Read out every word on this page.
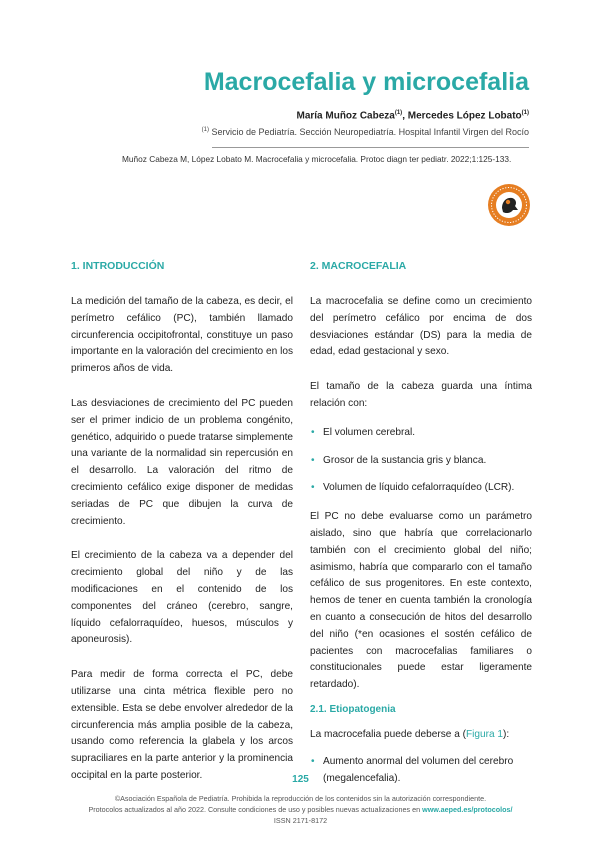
Macrocefalia y microcefalia
María Muñoz Cabeza$^{(1)}$, Mercedes López Lobato$^{(1)}$
$^{(1)}$ Servicio de Pediatría. Sección Neuropediatría. Hospital Infantil Virgen del Rocío
Muñoz Cabeza M, López Lobato M. Macrocefalia y microcefalia. Protoc diagn ter pediatr. 2022;1:125-133.
1. INTRODUCCIÓN

La medición del tamaño de la cabeza, es decir, el perímetro cefálico (PC), también llamado circunferencia occipitofrontal, constituye un paso importante en la valoración del crecimiento en los primeros años de vida.

Las desviaciones de crecimiento del PC pueden ser el primer indicio de un problema congénito, genético, adquirido o puede tratarse simplemente una variante de la normalidad sin repercusión en el desarrollo. La valoración del ritmo de crecimiento cefálico exige disponer de medidas seriadas de PC que dibujen la curva de crecimiento.

El crecimiento de la cabeza va a depender del crecimiento global del niño y de las modificaciones en el contenido de los componentes del cráneo (cerebro, sangre, líquido cefalorraquídeo, huesos, músculos y aponeurosis).

Para medir de forma correcta el PC, debe utilizarse una cinta métrica flexible pero no extensible. Esta se debe envolver alrededor de la circunferencia más amplia posible de la cabeza, usando como referencia la glabela y los arcos supraciliares en la parte anterior y la prominencia occipital en la parte posterior.

2. MACROCEFALIA

La macrocefalia se define como un crecimiento del perímetro cefálico por encima de dos desviaciones estándar (DS) para la media de edad, edad gestacional y sexo.

El tamaño de la cabeza guarda una íntima relación con:

• El volumen cerebral.
• Grosor de la sustancia gris y blanca.
• Volumen de líquido cefalorraquídeo (LCR).

El PC no debe evaluarse como un parámetro aislado, sino que habría que correlacionarlo también con el crecimiento global del niño; asimismo, habría que compararlo con el tamaño cefálico de sus progenitores. En este contexto, hemos de tener en cuenta también la cronología en cuanto a consecución de hitos del desarrollo del niño (*en ocasiones el sostén cefálico de pacientes con macrocefalias familiares o constitucionales puede estar ligeramente retardado).

2.1. Etiopatogenia

La macrocefalia puede deberse a (Figura 1):

• Aumento anormal del volumen del cerebro (megalencefalia).
125
©Asociación Española de Pediatría. Prohibida la reproducción de los contenidos sin la autorización correspondiente.
Protocolos actualizados al año 2022. Consulte condiciones de uso y posibles nuevas actualizaciones en www.aeped.es/protocolos/
ISSN 2171-8172
